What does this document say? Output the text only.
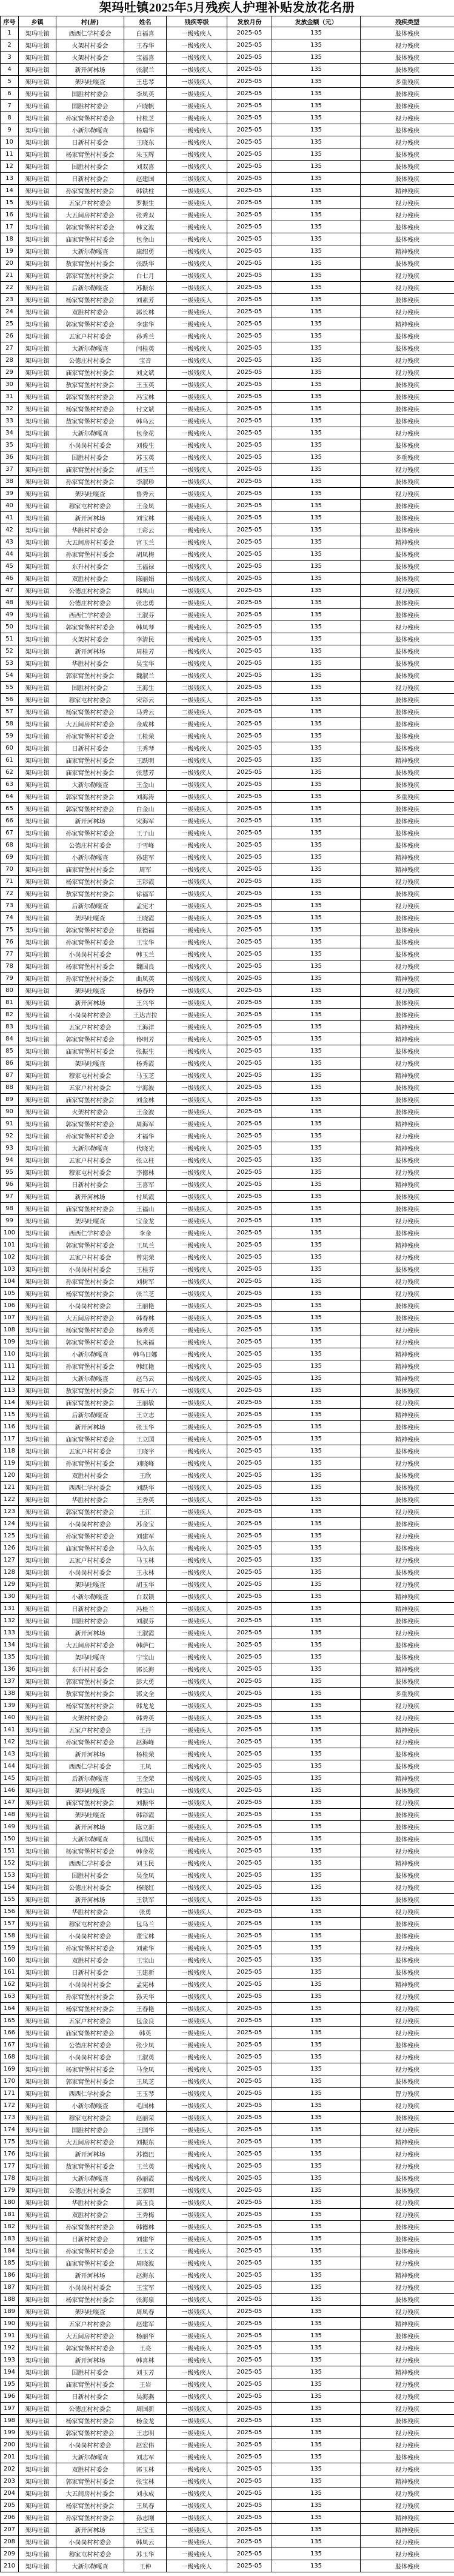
架玛吐镇2025年5月残疾人护理补贴发放花名册
序号	乡镇	村(居)	姓名	残疾等级	发放月份	发放金额（元）	残疾类型
1	架玛吐镇	西西仁学村委会	白福喜	一级残疾人	2025-05	135	肢体残疾
2	架玛吐镇	火架村村委会	王春华	一级残疾人	2025-05	135	视力残疾
3	架玛吐镇	火架村村委会	宝福喜	一级残疾人	2025-05	135	肢体残疾
4	架玛吐镇	新开河林场	张淑兰	一级残疾人	2025-05	135	肢体残疾
5	架玛吐镇	架玛吐嘎查	王忠琴	一级残疾人	2025-05	135	多重残疾
6	架玛吐镇	国胜村村委会	李凤英	一级残疾人	2025-05	135	肢体残疾
7	架玛吐镇	国胜村村委会	卢晓帆	一级残疾人	2025-05	135	肢体残疾
8	架玛吐镇	孙家窝堡村村委会	付桂芝	一级残疾人	2025-05	135	视力残疾
9	架玛吐镇	小新尔勒嘎查	杨瑞华	一级残疾人	2025-05	135	肢体残疾
10	架玛吐镇	日新村村委会	王晓东	一级残疾人	2025-05	135	视力残疾
11	架玛吐镇	杨家窝堡村村委会	朱玉辉	一级残疾人	2025-05	135	肢体残疾
12	架玛吐镇	国胜村村委会	刘双喜	一级残疾人	2025-05	135	肢体残疾
13	架玛吐镇	日新村村委会	赵建国	二级残疾人	2025-05	135	肢体残疾
14	架玛吐镇	孙家窝堡村村委会	韩铁柱	一级残疾人	2025-05	135	精神残疾
15	架玛吐镇	五家户村村委会	罗振生	一级残疾人	2025-05	135	视力残疾
16	架玛吐镇	大五间房村村委会	张秀双	一级残疾人	2025-05	135	视力残疾
17	架玛吐镇	郭家窝堡村村委会	韩文波	一级残疾人	2025-05	135	肢体残疾
18	架玛吐镇	庙家窝堡村村委会	包金山	一级残疾人	2025-05	135	肢体残疾
19	架玛吐镇	大新尔勒嘎查	康绍勇	一级残疾人	2025-05	135	精神残疾
20	架玛吐镇	敖家窝堡村村委会	张跃华	一级残疾人	2025-05	135	肢体残疾
21	架玛吐镇	郭家窝堡村村委会	白七月	一级残疾人	2025-05	135	视力残疾
22	架玛吐镇	后新尔勒嘎查	苏振东	一级残疾人	2025-05	135	视力残疾
23	架玛吐镇	杨家窝堡村村委会	刘素芳	一级残疾人	2025-05	135	肢体残疾
24	架玛吐镇	双胜村村委会	郭长林	一级残疾人	2025-05	135	视力残疾
25	架玛吐镇	郭家窝堡村村委会	李建华	一级残疾人	2025-05	135	精神残疾
26	架玛吐镇	五家户村村委会	孙秀兰	一级残疾人	2025-05	135	肢体残疾
27	架玛吐镇	大新尔勒嘎查	闫桂英	一级残疾人	2025-05	135	肢体残疾
28	架玛吐镇	公德庄村村委会	宝音	一级残疾人	2025-05	135	视力残疾
29	架玛吐镇	庙家窝堡村村委会	刘文斌	一级残疾人	2025-05	135	视力残疾
30	架玛吐镇	敖家窝堡村村委会	王玉英	一级残疾人	2025-05	135	肢体残疾
31	架玛吐镇	郭家窝堡村村委会	冯宝林	一级残疾人	2025-05	135	肢体残疾
32	架玛吐镇	杨家窝堡村村委会	付文斌	一级残疾人	2025-05	135	肢体残疾
33	架玛吐镇	敖家窝堡村村委会	韩乌云	一级残疾人	2025-05	135	肢体残疾
34	架玛吐镇	大新尔勒嘎查	包金花	一级残疾人	2025-05	135	视力残疾
35	架玛吐镇	小岗岗村村委会	刘俊生	一级残疾人	2025-05	135	肢体残疾
36	架玛吐镇	国胜村村委会	苏玉英	一级残疾人	2025-05	135	多重残疾
37	架玛吐镇	庙家窝堡村村委会	胡玉兰	一级残疾人	2025-05	135	视力残疾
38	架玛吐镇	孙家窝堡村村委会	李淑珍	一级残疾人	2025-05	135	肢体残疾
39	架玛吐镇	架玛吐嘎查	鲁秀云	一级残疾人	2025-05	135	视力残疾
40	架玛吐镇	穆家屯村村委会	王金凤	一级残疾人	2025-05	135	肢体残疾
41	架玛吐镇	新开河林场	刘宝林	一级残疾人	2025-05	135	肢体残疾
42	架玛吐镇	华胜村村委会	王彩云	一级残疾人	2025-05	135	肢体残疾
43	架玛吐镇	大五间房村村委会	宫玉兰	一级残疾人	2025-05	135	精神残疾
44	架玛吐镇	孙家窝堡村村委会	胡凤梅	一级残疾人	2025-05	135	肢体残疾
45	架玛吐镇	东升村村委会	王福禄	一级残疾人	2025-05	135	肢体残疾
46	架玛吐镇	双胜村村委会	陈丽娟	一级残疾人	2025-05	135	肢体残疾
47	架玛吐镇	公德庄村村委会	韩凤山	一级残疾人	2025-05	135	视力残疾
48	架玛吐镇	公德庄村村委会	张志勇	一级残疾人	2025-05	135	肢体残疾
49	架玛吐镇	西西仁学村委会	王淑芬	一级残疾人	2025-05	135	肢体残疾
50	架玛吐镇	郭家窝堡村村委会	韩凤琴	一级残疾人	2025-05	135	视力残疾
51	架玛吐镇	火架村村委会	李清民	一级残疾人	2025-05	135	肢体残疾
52	架玛吐镇	新开河林场	周桂芳	一级残疾人	2025-05	135	肢体残疾
53	架玛吐镇	华胜村村委会	吴宝华	一级残疾人	2025-05	135	肢体残疾
54	架玛吐镇	郭家窝堡村村委会	魏淑兰	一级残疾人	2025-05	135	肢体残疾
55	架玛吐镇	国胜村村委会	王海生	二级残疾人	2025-05	135	视力残疾
56	架玛吐镇	穆家屯村村委会	宋彩云	一级残疾人	2025-05	135	肢体残疾
57	架玛吐镇	杨家窝堡村村委会	马秀云	二级残疾人	2025-05	135	肢体残疾
58	架玛吐镇	大五间房村村委会	金成林	一级残疾人	2025-05	135	肢体残疾
59	架玛吐镇	孙家窝堡村村委会	王桂荣	一级残疾人	2025-05	135	肢体残疾
60	架玛吐镇	日新村村委会	王秀琴	一级残疾人	2025-05	135	肢体残疾
61	架玛吐镇	庙家窝堡村村委会	王跃明	一级残疾人	2025-05	135	精神残疾
62	架玛吐镇	庙家窝堡村村委会	张慧芳	一级残疾人	2025-05	135	肢体残疾
63	架玛吐镇	大新尔勒嘎查	王金山	一级残疾人	2025-05	135	肢体残疾
64	架玛吐镇	郭家窝堡村村委会	刘海涛	一级残疾人	2025-05	135	多重残疾
65	架玛吐镇	郭家窝堡村村委会	白金山	一级残疾人	2025-05	135	肢体残疾
66	架玛吐镇	新开河林场	宋海军	一级残疾人	2025-05	135	肢体残疾
67	架玛吐镇	孙家窝堡村村委会	王子山	一级残疾人	2025-05	135	肢体残疾
68	架玛吐镇	公德庄村村委会	于雪峰	一级残疾人	2025-05	135	肢体残疾
69	架玛吐镇	小新尔勒嘎查	孙建军	一级残疾人	2025-05	135	精神残疾
70	架玛吐镇	庙家窝堡村村委会	周军	一级残疾人	2025-05	135	精神残疾
71	架玛吐镇	杨家窝堡村村委会	王彩霞	一级残疾人	2025-05	135	视力残疾
72	架玛吐镇	敖家窝堡村村委会	徐福军	一级残疾人	2025-05	135	肢体残疾
73	架玛吐镇	后新尔勒嘎查	孟宪才	一级残疾人	2025-05	135	视力残疾
74	架玛吐镇	架玛吐嘎查	王晓霞	一级残疾人	2025-05	135	肢体残疾
75	架玛吐镇	郭家窝堡村村委会	崔德福	一级残疾人	2025-05	135	肢体残疾
76	架玛吐镇	孙家窝堡村村委会	王宝华	一级残疾人	2025-05	135	肢体残疾
77	架玛吐镇	小岗岗村村委会	韩玉兰	一级残疾人	2025-05	135	肢体残疾
78	架玛吐镇	杨家窝堡村村委会	魏国良	一级残疾人	2025-05	135	视力残疾
79	架玛吐镇	孙家窝堡村村委会	曲凤英	一级残疾人	2025-05	135	精神残疾
80	架玛吐镇	架玛吐嘎查	杨春玲	一级残疾人	2025-05	135	视力残疾
81	架玛吐镇	新开河林场	王兴华	一级残疾人	2025-05	135	肢体残疾
82	架玛吐镇	小岗岗村村委会	王达吉拉	一级残疾人	2025-05	135	肢体残疾
83	架玛吐镇	五家户村村委会	王海洋	一级残疾人	2025-05	135	精神残疾
84	架玛吐镇	郭家窝堡村村委会	佟明芳	一级残疾人	2025-05	135	精神残疾
85	架玛吐镇	庙家窝堡村村委会	张振生	一级残疾人	2025-05	135	肢体残疾
86	架玛吐镇	架玛吐嘎查	杨秀霞	一级残疾人	2025-05	135	视力残疾
87	架玛吐镇	穆家屯村村委会	马玉芝	一级残疾人	2025-05	135	精神残疾
88	架玛吐镇	五家户村村委会	宁海波	一级残疾人	2025-05	135	肢体残疾
89	架玛吐镇	庙家窝堡村村委会	刘金林	一级残疾人	2025-05	135	肢体残疾
90	架玛吐镇	火架村村委会	王金波	一级残疾人	2025-05	135	肢体残疾
91	架玛吐镇	郭家窝堡村村委会	周海军	一级残疾人	2025-05	135	精神残疾
92	架玛吐镇	孙家窝堡村村委会	才福华	一级残疾人	2025-05	135	视力残疾
93	架玛吐镇	大新尔勒嘎查	代晓光	一级残疾人	2025-05	135	精神残疾
94	架玛吐镇	五家户村村委会	张立柱	一级残疾人	2025-05	135	肢体残疾
95	架玛吐镇	穆家屯村村委会	李德林	一级残疾人	2025-05	135	视力残疾
96	架玛吐镇	日新村村委会	王喜军	一级残疾人	2025-05	135	精神残疾
97	架玛吐镇	新开河林场	付凤霞	一级残疾人	2025-05	135	肢体残疾
98	架玛吐镇	庙家窝堡村村委会	王福山	一级残疾人	2025-05	135	肢体残疾
99	架玛吐镇	架玛吐嘎查	宝金龙	一级残疾人	2025-05	135	视力残疾
100	架玛吐镇	西西仁学村委会	李金	一级残疾人	2025-05	135	肢体残疾
101	架玛吐镇	郭家窝堡村村委会	王凤兰	一级残疾人	2025-05	135	精神残疾
102	架玛吐镇	五家户村村委会	曾宪荣	一级残疾人	2025-05	135	视力残疾
103	架玛吐镇	小岗岗村村委会	王桂芬	一级残疾人	2025-05	135	肢体残疾
104	架玛吐镇	孙家窝堡村村委会	刘树军	一级残疾人	2025-05	135	视力残疾
105	架玛吐镇	杨家窝堡村村委会	张兰芝	一级残疾人	2025-05	135	视力残疾
106	架玛吐镇	小岗岗村村委会	王丽艳	一级残疾人	2025-05	135	肢体残疾
107	架玛吐镇	大五间房村村委会	韩春林	一级残疾人	2025-05	135	肢体残疾
108	架玛吐镇	杨家窝堡村村委会	杨秀英	一级残疾人	2025-05	135	视力残疾
109	架玛吐镇	郭家窝堡村村委会	包来福	一级残疾人	2025-05	135	视力残疾
110	架玛吐镇	小新尔勒嘎查	韩乌日娜	一级残疾人	2025-05	135	精神残疾
111	架玛吐镇	孙家窝堡村村委会	韩红艳	一级残疾人	2025-05	135	精神残疾
112	架玛吐镇	大新尔勒嘎查	赵乌云	一级残疾人	2025-05	135	精神残疾
113	架玛吐镇	敖家窝堡村村委会	韩五十六	一级残疾人	2025-05	135	肢体残疾
114	架玛吐镇	庙家窝堡村村委会	王丽敏	一级残疾人	2025-05	135	视力残疾
115	架玛吐镇	后新尔勒嘎查	王立志	一级残疾人	2025-05	135	精神残疾
116	架玛吐镇	新开河林场	张玉华	二级残疾人	2025-05	135	肢体残疾
117	架玛吐镇	庙家窝堡村村委会	王立国	一级残疾人	2025-05	135	精神残疾
118	架玛吐镇	五家户村村委会	王晓宇	一级残疾人	2025-05	135	肢体残疾
119	架玛吐镇	孙家窝堡村村委会	刘晓峰	一级残疾人	2025-05	135	视力残疾
120	架玛吐镇	双胜村村委会	王欣	一级残疾人	2025-05	135	肢体残疾
121	架玛吐镇	西西仁学村委会	刘跃华	一级残疾人	2025-05	135	肢体残疾
122	架玛吐镇	华胜村村委会	王秀英	一级残疾人	2025-05	135	肢体残疾
123	架玛吐镇	郭家窝堡村村委会	王江	一级残疾人	2025-05	135	视力残疾
124	架玛吐镇	小岗岗村村委会	苏金宝	一级残疾人	2025-05	135	肢体残疾
125	架玛吐镇	孙家窝堡村村委会	刘建军	一级残疾人	2025-05	135	视力残疾
126	架玛吐镇	庙家窝堡村村委会	马久东	一级残疾人	2025-05	135	肢体残疾
127	架玛吐镇	五家户村村委会	马玉林	一级残疾人	2025-05	135	视力残疾
128	架玛吐镇	小岗岗村村委会	王永林	一级残疾人	2025-05	135	肢体残疾
129	架玛吐镇	架玛吐嘎查	胡玉华	一级残疾人	2025-05	135	视力残疾
130	架玛吐镇	小新尔勒嘎查	白双锁	一级残疾人	2025-05	135	精神残疾
131	架玛吐镇	日新村村委会	冯桂兰	一级残疾人	2025-05	135	精神残疾
132	架玛吐镇	国胜村村委会	刘淑芬	一级残疾人	2025-05	135	肢体残疾
133	架玛吐镇	新开河林场	王淑霞	一级残疾人	2025-05	135	视力残疾
134	架玛吐镇	大五间房村村委会	韩萨仁	一级残疾人	2025-05	135	肢体残疾
135	架玛吐镇	架玛吐嘎查	宁宝山	一级残疾人	2025-05	135	肢体残疾
136	架玛吐镇	东升村村委会	郭长海	一级残疾人	2025-05	135	精神残疾
137	架玛吐镇	郭家窝堡村村委会	彭大勇	一级残疾人	2025-05	135	肢体残疾
138	架玛吐镇	敖家窝堡村村委会	郭文全	一级残疾人	2025-05	135	多重残疾
139	架玛吐镇	杨家窝堡村村委会	韩龙龙	一级残疾人	2025-05	135	视力残疾
140	架玛吐镇	火架村村委会	韩秀英	一级残疾人	2025-05	135	视力残疾
141	架玛吐镇	五家户村村委会	王丹	一级残疾人	2025-05	135	精神残疾
142	架玛吐镇	孙家窝堡村村委会	赵海峰	一级残疾人	2025-05	135	视力残疾
143	架玛吐镇	新开河林场	杨桂荣	一级残疾人	2025-05	135	肢体残疾
144	架玛吐镇	西西仁学村委会	王凤	二级残疾人	2025-05	135	肢体残疾
145	架玛吐镇	后新尔勒嘎查	王金荣	一级残疾人	2025-05	135	精神残疾
146	架玛吐镇	架玛吐嘎查	韩宝山	一级残疾人	2025-05	135	肢体残疾
147	架玛吐镇	庙家窝堡村村委会	刘振华	一级残疾人	2025-05	135	视力残疾
148	架玛吐镇	架玛吐嘎查	韩彩霞	一级残疾人	2025-05	135	肢体残疾
149	架玛吐镇	新开河林场	陈立新	一级残疾人	2025-05	135	肢体残疾
150	架玛吐镇	大新尔勒嘎查	包国庆	一级残疾人	2025-05	135	肢体残疾
151	架玛吐镇	杨家窝堡村村委会	韩金花	一级残疾人	2025-05	135	视力残疾
152	架玛吐镇	西西仁学村委会	刘玉民	一级残疾人	2025-05	135	精神残疾
153	架玛吐镇	国胜村村委会	吴金凤	一级残疾人	2025-05	135	肢体残疾
154	架玛吐镇	公德庄村村委会	杨晓红	一级残疾人	2025-05	135	视力残疾
155	架玛吐镇	新开河林场	王铁军	一级残疾人	2025-05	135	肢体残疾
156	架玛吐镇	华胜村村委会	张勇	一级残疾人	2025-05	135	视力残疾
157	架玛吐镇	穆家屯村村委会	包乌兰	一级残疾人	2025-05	135	肢体残疾
158	架玛吐镇	小岗岗村村委会	董宝林	一级残疾人	2025-05	135	肢体残疾
159	架玛吐镇	孙家窝堡村村委会	刘素华	一级残疾人	2025-05	135	视力残疾
160	架玛吐镇	双胜村村委会	王宝山	一级残疾人	2025-05	135	肢体残疾
161	架玛吐镇	日新村村委会	王建新	一级残疾人	2025-05	135	肢体残疾
162	架玛吐镇	小岗岗村村委会	孟宪林	一级残疾人	2025-05	135	精神残疾
163	架玛吐镇	孙家窝堡村村委会	孙天华	一级残疾人	2025-05	135	视力残疾
164	架玛吐镇	杨家窝堡村村委会	王春艳	一级残疾人	2025-05	135	视力残疾
165	架玛吐镇	五家户村村委会	包金良	一级残疾人	2025-05	135	视力残疾
166	架玛吐镇	庙家窝堡村村委会	韩英	一级残疾人	2025-05	135	视力残疾
167	架玛吐镇	公德庄村村委会	张少凤	一级残疾人	2025-05	135	肢体残疾
168	架玛吐镇	小岗岗村村委会	王淑英	一级残疾人	2025-05	135	视力残疾
169	架玛吐镇	杨家窝堡村村委会	马金凤	一级残疾人	2025-05	135	视力残疾
170	架玛吐镇	郭家窝堡村村委会	王凤芝	一级残疾人	2025-05	135	肢体残疾
171	架玛吐镇	西西仁学村委会	王玉琴	一级残疾人	2025-05	135	智力残疾
172	架玛吐镇	小新尔勒嘎查	毛国林	一级残疾人	2025-05	135	视力残疾
173	架玛吐镇	穆家屯村村委会	赵丽荣	一级残疾人	2025-05	135	肢体残疾
174	架玛吐镇	国胜村村委会	王国华	一级残疾人	2025-05	135	视力残疾
175	架玛吐镇	大五间房村村委会	刘振东	一级残疾人	2025-05	135	精神残疾
176	架玛吐镇	新开河林场	苏德巴	一级残疾人	2025-05	135	视力残疾
177	架玛吐镇	敖家窝堡村村委会	王兰英	一级残疾人	2025-05	135	视力残疾
178	架玛吐镇	大新尔勒嘎查	孙丽霞	一级残疾人	2025-05	135	肢体残疾
179	架玛吐镇	公德庄村村委会	王家明	一级残疾人	2025-05	135	肢体残疾
180	架玛吐镇	华胜村村委会	高玉良	一级残疾人	2025-05	135	视力残疾
181	架玛吐镇	双胜村村委会	王秀梅	一级残疾人	2025-05	135	视力残疾
182	架玛吐镇	孙家窝堡村村委会	韩德林	一级残疾人	2025-05	135	肢体残疾
183	架玛吐镇	日新村村委会	刘建华	一级残疾人	2025-05	135	肢体残疾
184	架玛吐镇	孙家窝堡村村委会	王玉文	一级残疾人	2025-05	135	肢体残疾
185	架玛吐镇	庙家窝堡村村委会	周晓波	一级残疾人	2025-05	135	视力残疾
186	架玛吐镇	新开河林场	赵海东	一级残疾人	2025-05	135	精神残疾
187	架玛吐镇	小岗岗村村委会	王宝军	一级残疾人	2025-05	135	视力残疾
188	架玛吐镇	杨家窝堡村村委会	张海泉	一级残疾人	2025-05	135	肢体残疾
189	架玛吐镇	架玛吐嘎查	周凤春	一级残疾人	2025-05	135	视力残疾
190	架玛吐镇	五家户村村委会	赵建军	一级残疾人	2025-05	135	精神残疾
191	架玛吐镇	大五间房村村委会	杨丽华	一级残疾人	2025-05	135	肢体残疾
192	架玛吐镇	郭家窝堡村村委会	王亮	一级残疾人	2025-05	135	视力残疾
193	架玛吐镇	新开河林场	韩喜林	一级残疾人	2025-05	135	视力残疾
194	架玛吐镇	国胜村村委会	刘玉芳	一级残疾人	2025-05	135	精神残疾
195	架玛吐镇	庙家窝堡村村委会	王岩	一级残疾人	2025-05	135	视力残疾
196	架玛吐镇	日新村村委会	吴海燕	一级残疾人	2025-05	135	视力残疾
197	架玛吐镇	公德庄村村委会	周国新	一级残疾人	2025-05	135	视力残疾
198	架玛吐镇	杨家窝堡村村委会	杨金龙	一级残疾人	2025-05	135	肢体残疾
199	架玛吐镇	郭家窝堡村村委会	王志明	一级残疾人	2025-05	135	视力残疾
200	架玛吐镇	小岗岗村村委会	赵宏伟	一级残疾人	2025-05	135	视力残疾
201	架玛吐镇	大新尔勒嘎查	刘志军	一级残疾人	2025-05	135	肢体残疾
202	架玛吐镇	双胜村村委会	郭玉林	一级残疾人	2025-05	135	视力残疾
203	架玛吐镇	郭家窝堡村村委会	张宝林	一级残疾人	2025-05	135	精神残疾
204	架玛吐镇	大五间房村村委会	刘永成	一级残疾人	2025-05	135	视力残疾
205	架玛吐镇	杨家窝堡村村委会	王凤春	一级残疾人	2025-05	135	视力残疾
206	架玛吐镇	孙家窝堡村村委会	孙志刚	一级残疾人	2025-05	135	精神残疾
207	架玛吐镇	新开河林场	王宝玉	一级残疾人	2025-05	135	精神残疾
208	架玛吐镇	小岗岗村村委会	韩凤云	一级残疾人	2025-05	135	视力残疾
209	架玛吐镇	穆家屯村村委会	苏玉华	一级残疾人	2025-05	135	视力残疾
210	架玛吐镇	大新尔勒嘎查	王仲	一级残疾人	2025-05	135	肢体残疾
